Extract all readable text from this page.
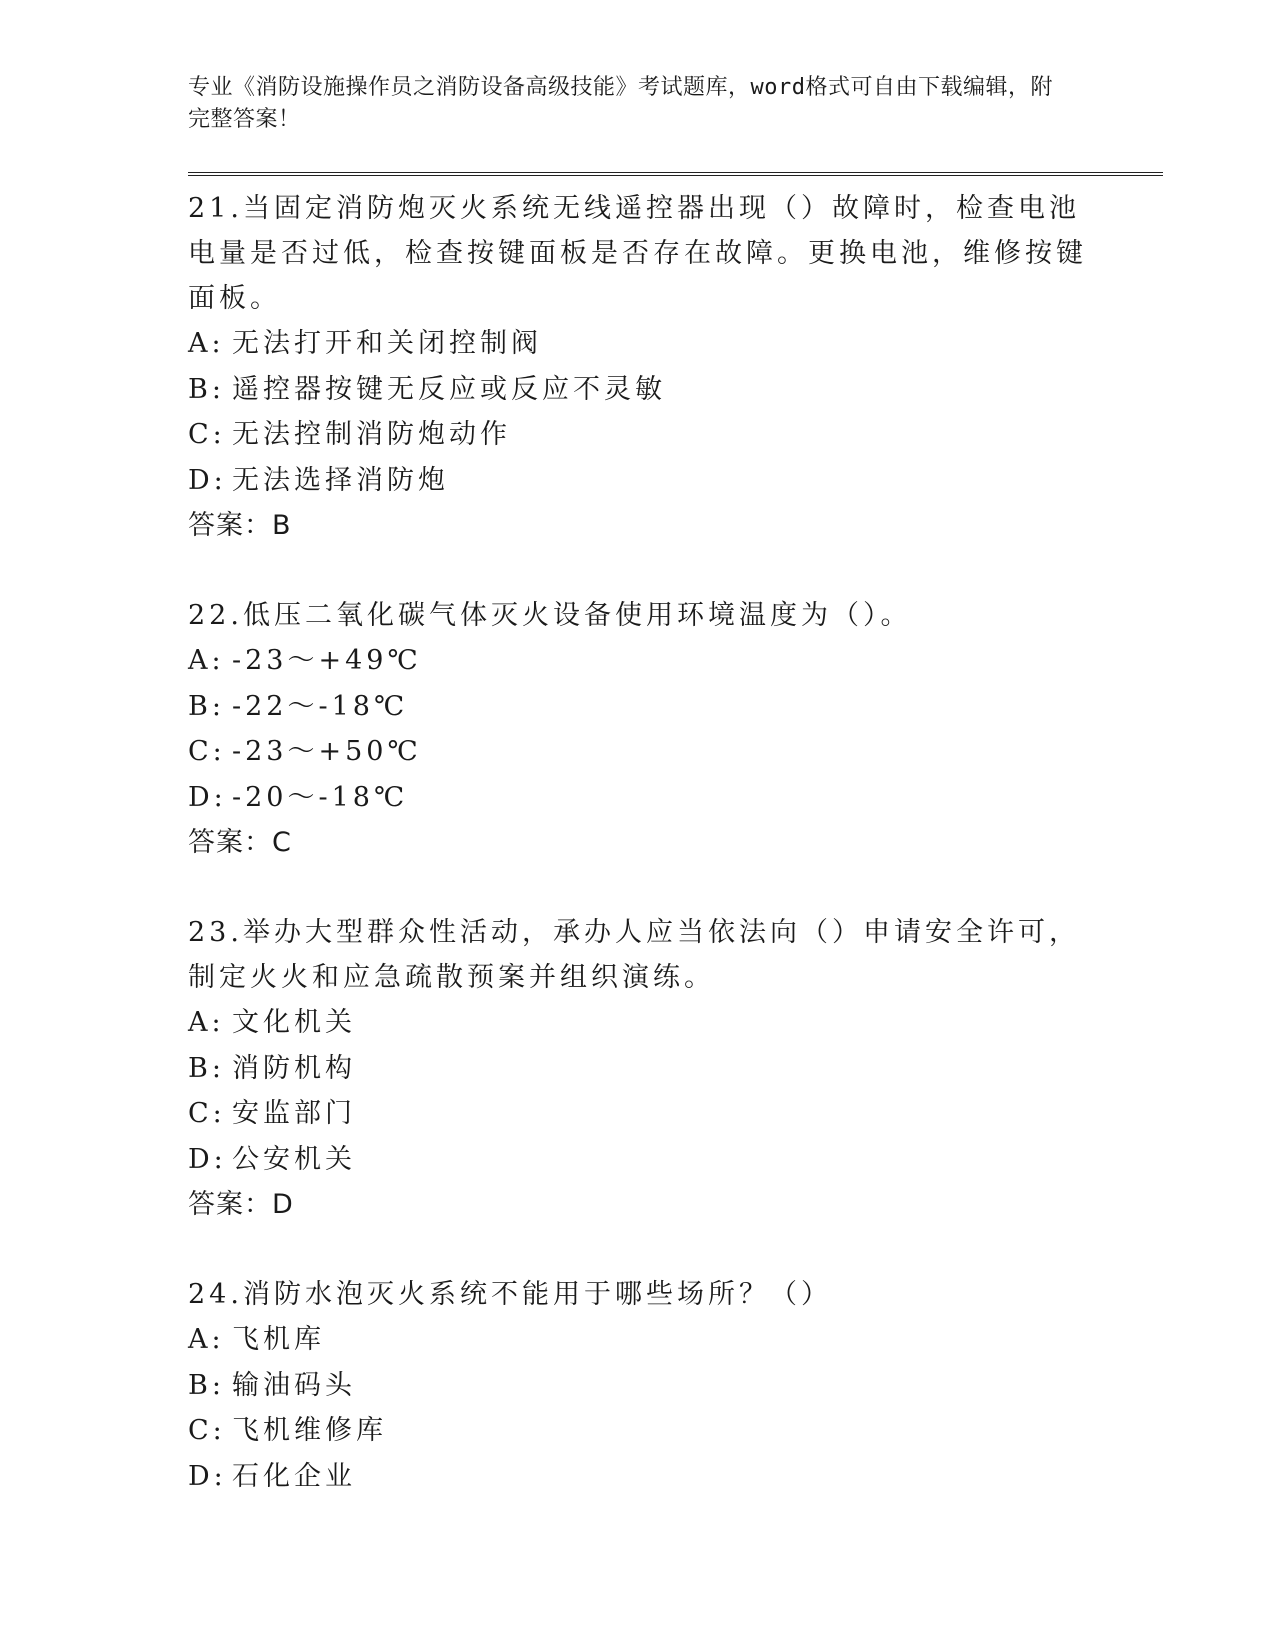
专业《消防设施操作员之消防设备高级技能》考试题库，word格式可自由下载编辑，附完整答案！

21.当固定消防炮灭火系统无线遥控器出现（）故障时，检查电池电量是否过低，检查按键面板是否存在故障。更换电池，维修按键面板。

A: 无法打开和关闭控制阀

B: 遥控器按键无反应或反应不灵敏

C: 无法控制消防炮动作

D: 无法选择消防炮

答案：B

22.低压二氧化碳气体灭火设备使用环境温度为（）。

A: -23～+49℃

B: -22～-18℃

C: -23～+50℃

D: -20～-18℃

答案：C

23.举办大型群众性活动，承办人应当依法向（）申请安全许可，制定火火和应急疏散预案并组织演练。

A: 文化机关

B: 消防机构

C: 安监部门

D: 公安机关

答案：D

24.消防水泡灭火系统不能用于哪些场所？（）

A: 飞机库

B: 输油码头

C: 飞机维修库

D: 石化企业
